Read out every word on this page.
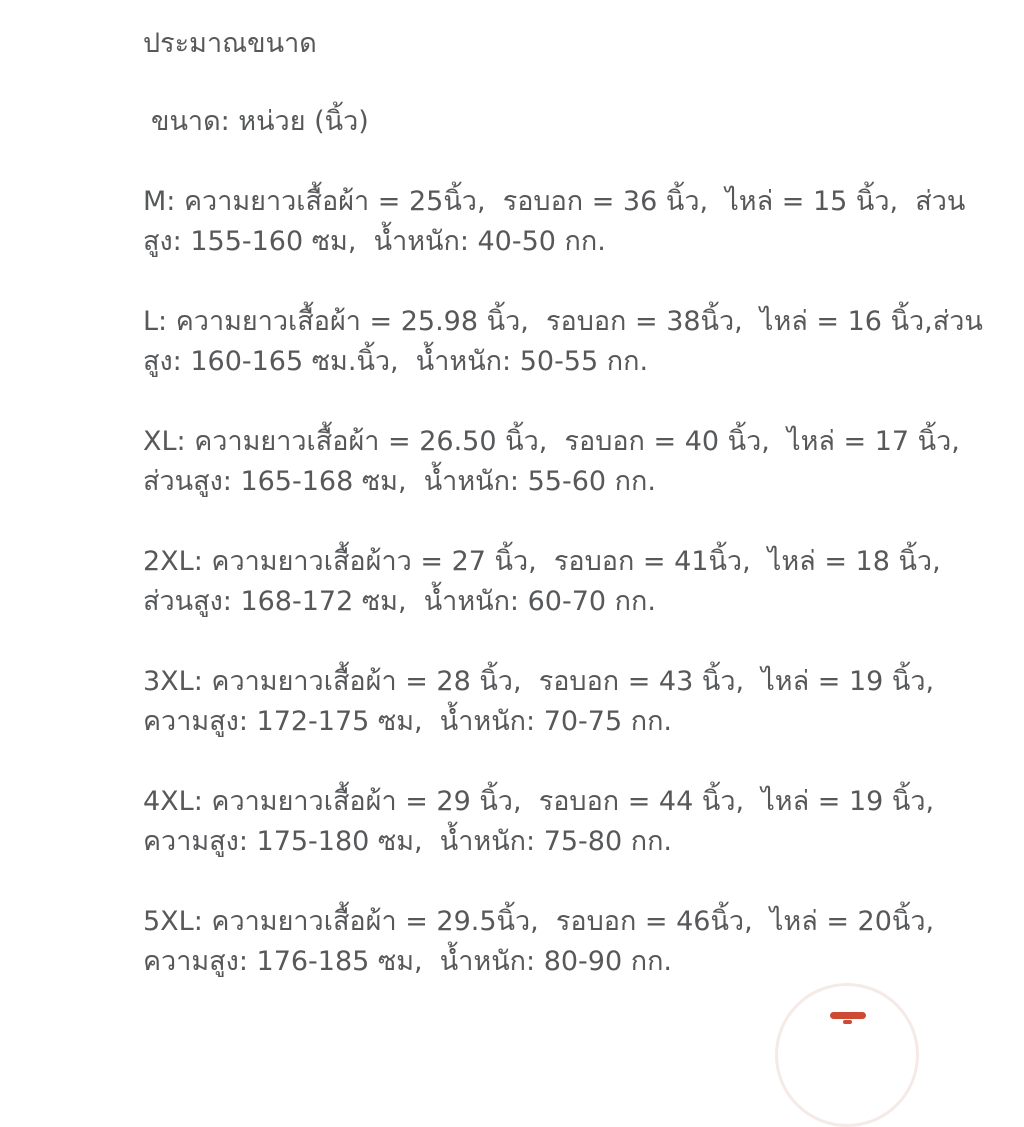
ประมาณขนาด
ขนาด: หน่วย (นิ้ว)
M: ความยาวเสื้อผ้า = 25นิ้ว,  รอบอก = 36 นิ้ว,  ไหล่ = 15 นิ้ว,  ส่วน
สูง: 155-160 ซม,  น้ำหนัก: 40-50 กก.
L: ความยาวเสื้อผ้า = 25.98 นิ้ว,  รอบอก = 38นิ้ว,  ไหล่ = 16 นิ้ว,ส่วน
สูง: 160-165 ซม.นิ้ว,  น้ำหนัก: 50-55 กก.
XL: ความยาวเสื้อผ้า = 26.50 นิ้ว,  รอบอก = 40 นิ้ว,  ไหล่ = 17 นิ้ว,
ส่วนสูง: 165-168 ซม,  น้ำหนัก: 55-60 กก.
2XL: ความยาวเสื้อผ้าว = 27 นิ้ว,  รอบอก = 41นิ้ว,  ไหล่ = 18 นิ้ว,
ส่วนสูง: 168-172 ซม,  น้ำหนัก: 60-70 กก.
3XL: ความยาวเสื้อผ้า = 28 นิ้ว,  รอบอก = 43 นิ้ว,  ไหล่ = 19 นิ้ว,
ความสูง: 172-175 ซม,  น้ำหนัก: 70-75 กก.
4XL: ความยาวเสื้อผ้า = 29 นิ้ว,  รอบอก = 44 นิ้ว,  ไหล่ = 19 นิ้ว,
ความสูง: 175-180 ซม,  น้ำหนัก: 75-80 กก.
5XL: ความยาวเสื้อผ้า = 29.5นิ้ว,  รอบอก = 46นิ้ว,  ไหล่ = 20นิ้ว,
ความสูง: 176-185 ซม,  น้ำหนัก: 80-90 กก.
